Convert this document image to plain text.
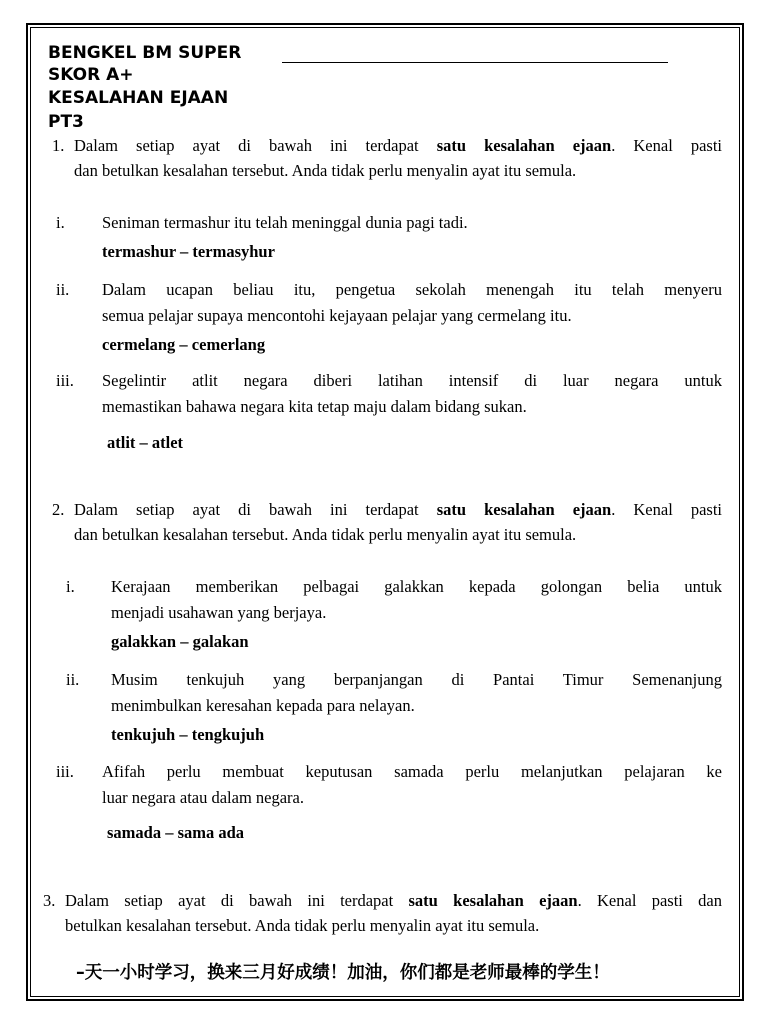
BENGKEL BM SUPER
SKOR A+
KESALAHAN EJAAN
PT3
1. Dalam setiap ayat di bawah ini terdapat satu kesalahan ejaan. Kenal pasti
dan betulkan kesalahan tersebut. Anda tidak perlu menyalin ayat itu semula.
i. Seniman termashur itu telah meninggal dunia pagi tadi.
termashur – termasyhur
ii. Dalam ucapan beliau itu, pengetua sekolah menengah itu telah menyeru
semua pelajar supaya mencontohi kejayaan pelajar yang cermelang itu.
cermelang – cemerlang
iii. Segelintir atlit negara diberi latihan intensif di luar negara untuk
memastikan bahawa negara kita tetap maju dalam bidang sukan.
atlit – atlet
2. Dalam setiap ayat di bawah ini terdapat satu kesalahan ejaan. Kenal pasti
dan betulkan kesalahan tersebut. Anda tidak perlu menyalin ayat itu semula.
i. Kerajaan memberikan pelbagai galakkan kepada golongan belia untuk
menjadi usahawan yang berjaya.
galakkan – galakan
ii. Musim tenkujuh yang berpanjangan di Pantai Timur Semenanjung
menimbulkan keresahan kepada para nelayan.
tenkujuh – tengkujuh
iii. Afifah perlu membuat keputusan samada perlu melanjutkan pelajaran ke
luar negara atau dalam negara.
samada – sama ada
3. Dalam setiap ayat di bawah ini terdapat satu kesalahan ejaan. Kenal pasti dan
betulkan kesalahan tersebut. Anda tidak perlu menyalin ayat itu semula.
–天一小时学习，换来三月好成绩！加油，你们都是老师最棒的学生！
